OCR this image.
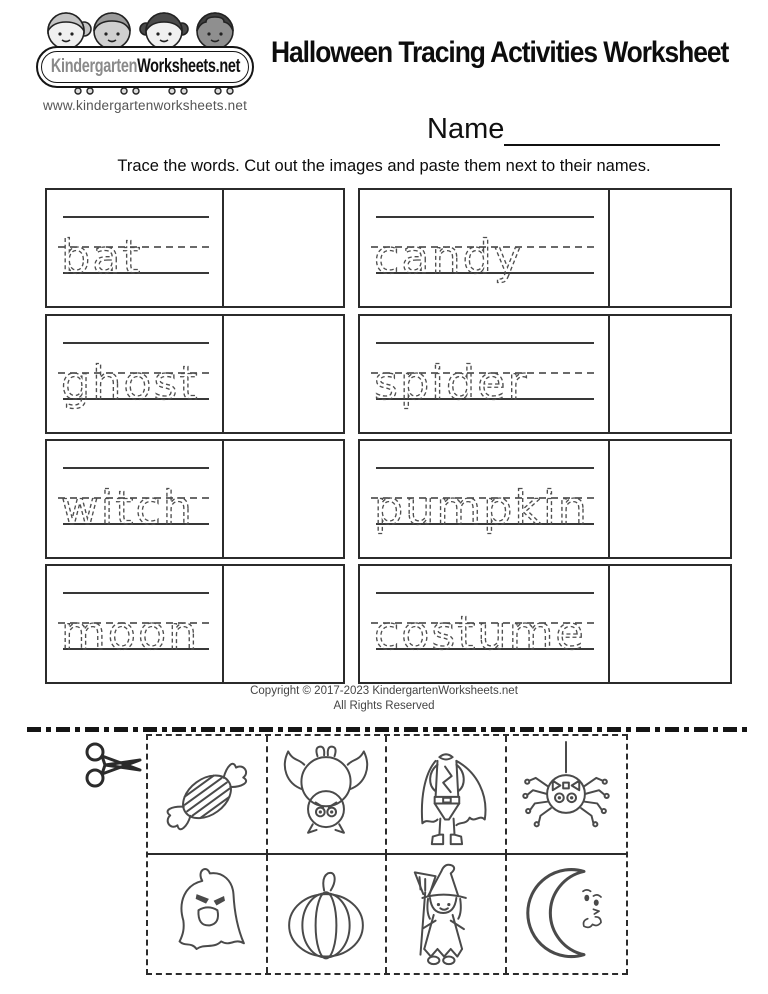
KindergartenWorksheets.net
www.kindergartenworksheets.net
Halloween Tracing Activities Worksheet
Name
Trace the words. Cut out the images and paste them next to their names.
bat	candy
ghost	spider
witch	pumpkin
moon	costume
Copyright © 2017-2023 KindergartenWorksheets.net
All Rights Reserved
